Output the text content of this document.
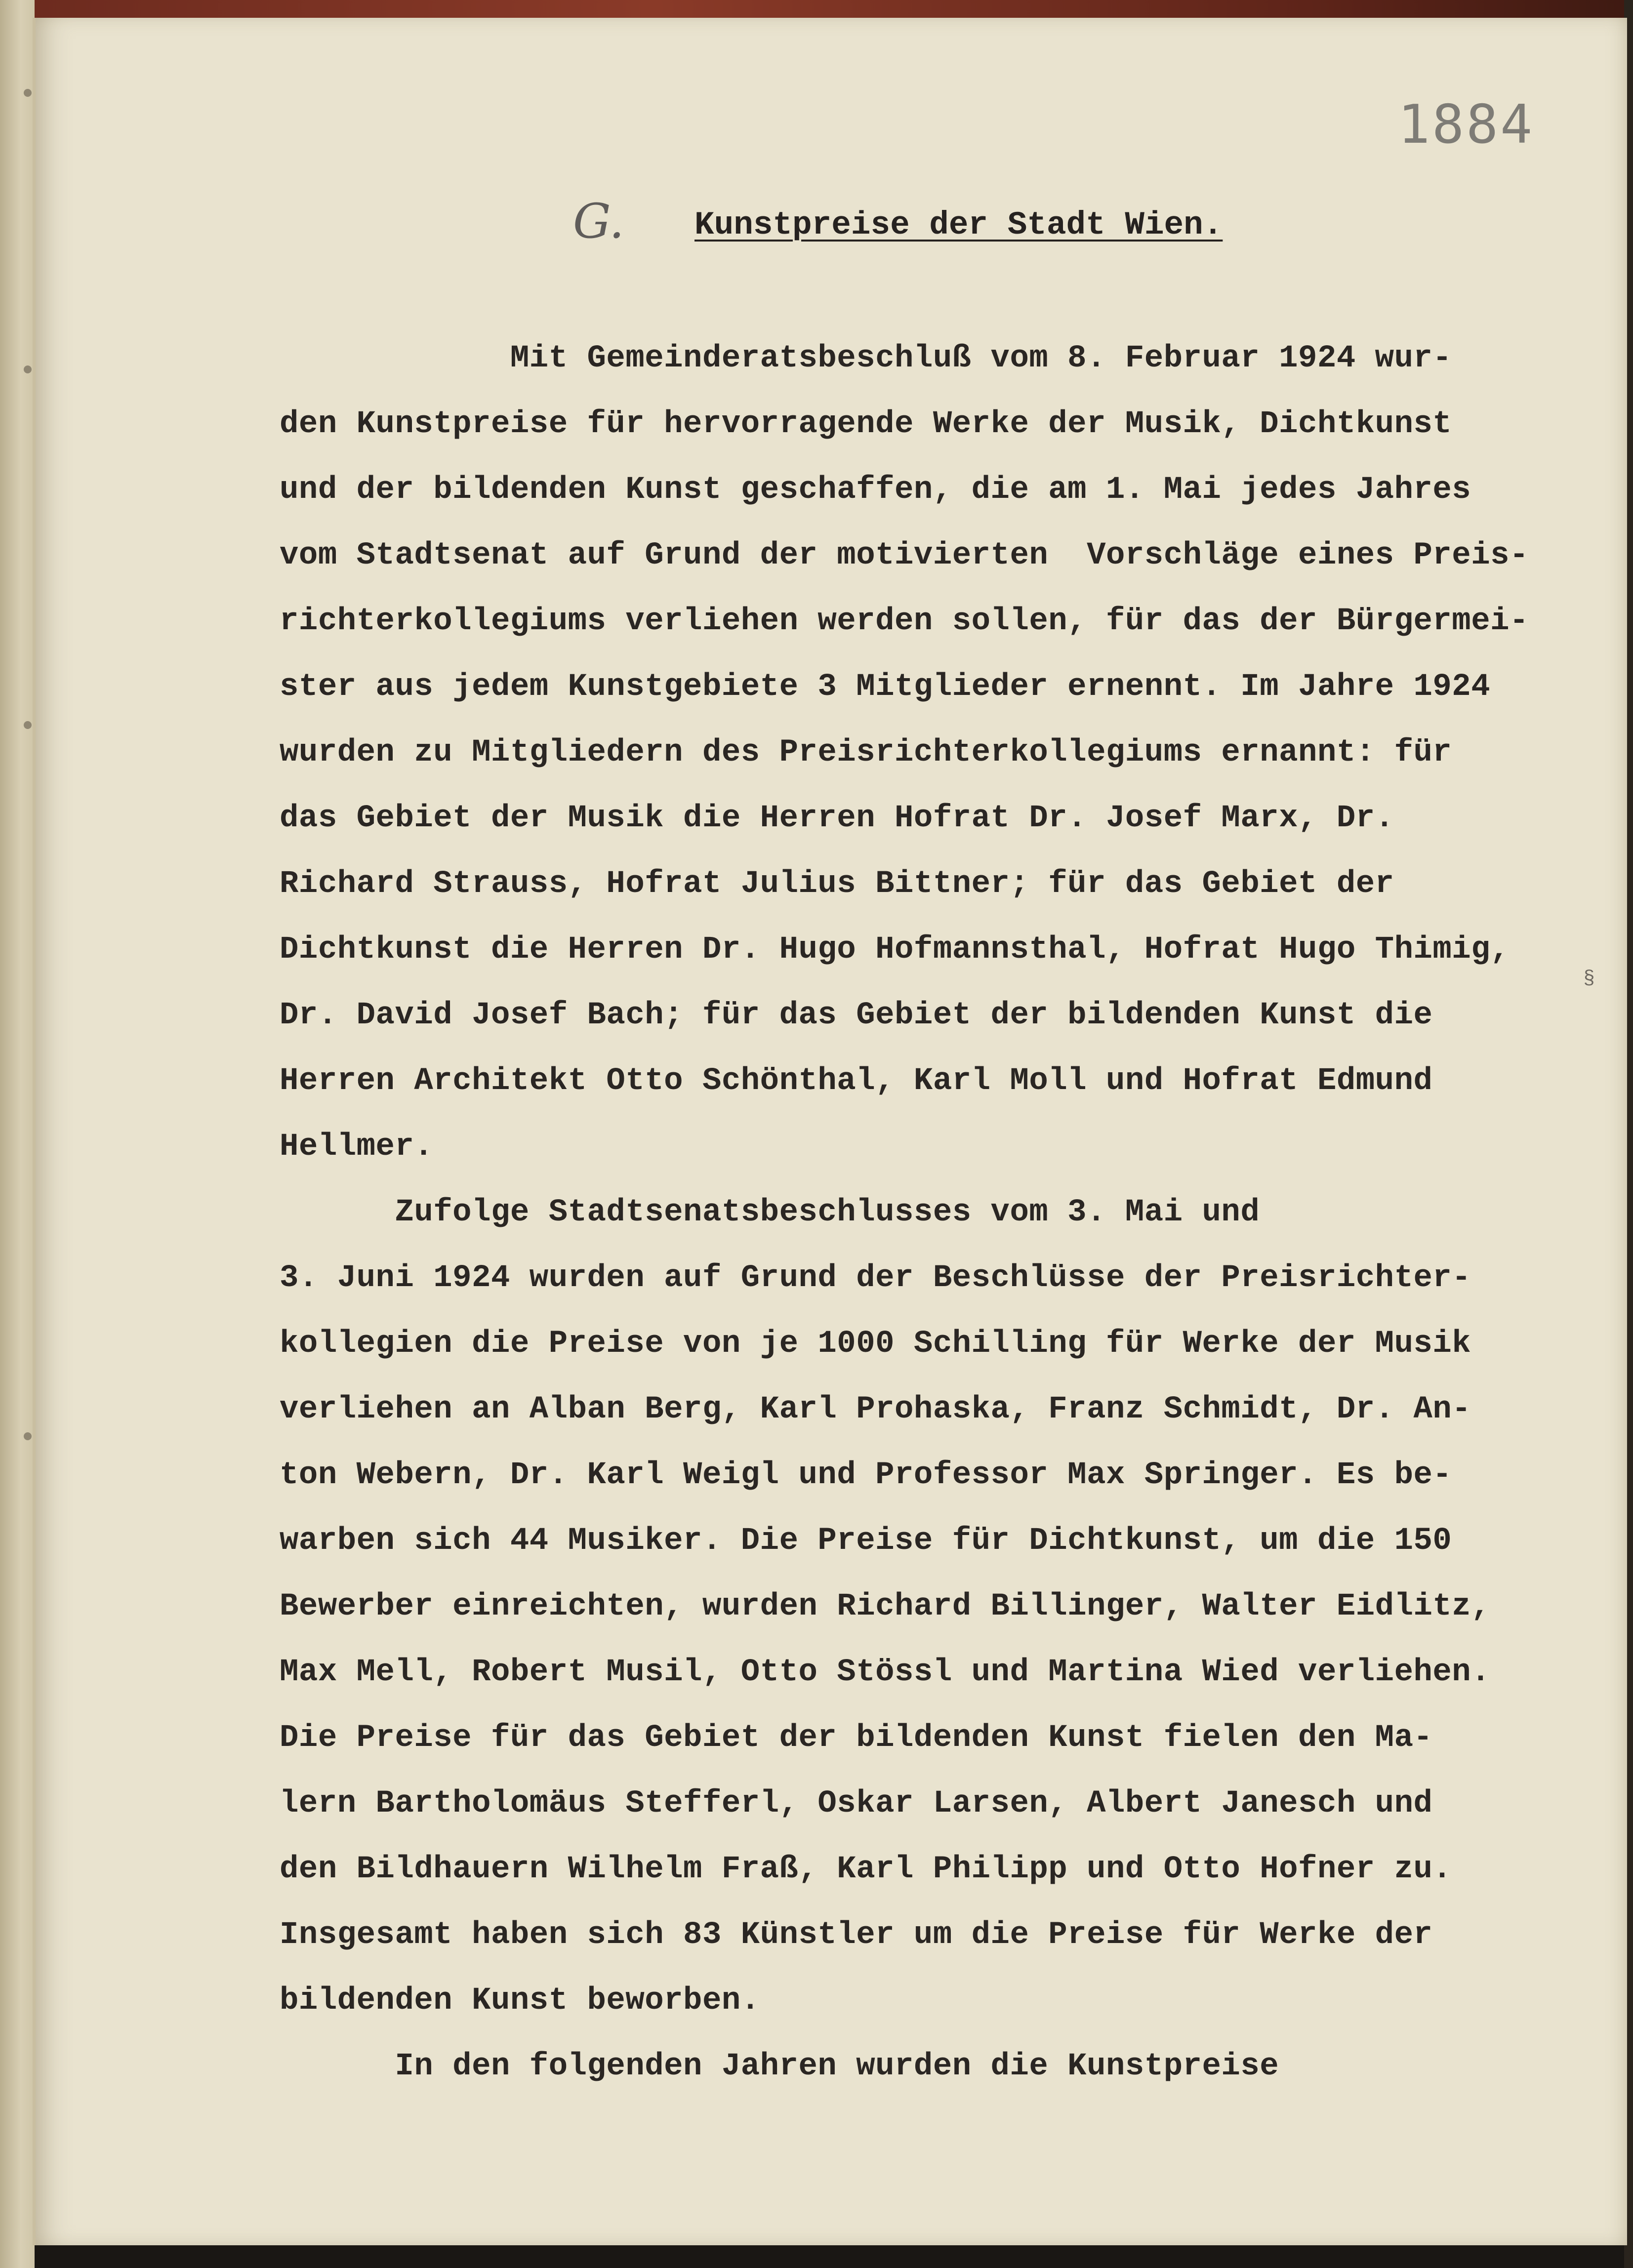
1884
G. Kunstpreise der Stadt Wien.
Mit Gemeinderatsbeschluß vom 8. Februar 1924 wur-
den Kunstpreise für hervorragende Werke der Musik, Dichtkunst
und der bildenden Kunst geschaffen, die am 1. Mai jedes Jahres
vom Stadtsenat auf Grund der motivierten  Vorschläge eines Preis-
richterkollegiums verliehen werden sollen, für das der Bürgermei-
ster aus jedem Kunstgebiete 3 Mitglieder ernennt. Im Jahre 1924
wurden zu Mitgliedern des Preisrichterkollegiums ernannt: für
das Gebiet der Musik die Herren Hofrat Dr. Josef Marx, Dr.
Richard Strauss, Hofrat Julius Bittner; für das Gebiet der
Dichtkunst die Herren Dr. Hugo Hofmannsthal, Hofrat Hugo Thimig,
Dr. David Josef Bach; für das Gebiet der bildenden Kunst die
Herren Architekt Otto Schönthal, Karl Moll und Hofrat Edmund
Hellmer.
Zufolge Stadtsenatsbeschlusses vom 3. Mai und
3. Juni 1924 wurden auf Grund der Beschlüsse der Preisrichter-
kollegien die Preise von je 1000 Schilling für Werke der Musik
verliehen an Alban Berg, Karl Prohaska, Franz Schmidt, Dr. An-
ton Webern, Dr. Karl Weigl und Professor Max Springer. Es be-
warben sich 44 Musiker. Die Preise für Dichtkunst, um die 150
Bewerber einreichten, wurden Richard Billinger, Walter Eidlitz,
Max Mell, Robert Musil, Otto Stössl und Martina Wied verliehen.
Die Preise für das Gebiet der bildenden Kunst fielen den Ma-
lern Bartholomäus Stefferl, Oskar Larsen, Albert Janesch und
den Bildhauern Wilhelm Fraß, Karl Philipp und Otto Hofner zu.
Insgesamt haben sich 83 Künstler um die Preise für Werke der
bildenden Kunst beworben.
In den folgenden Jahren wurden die Kunstpreise
§
